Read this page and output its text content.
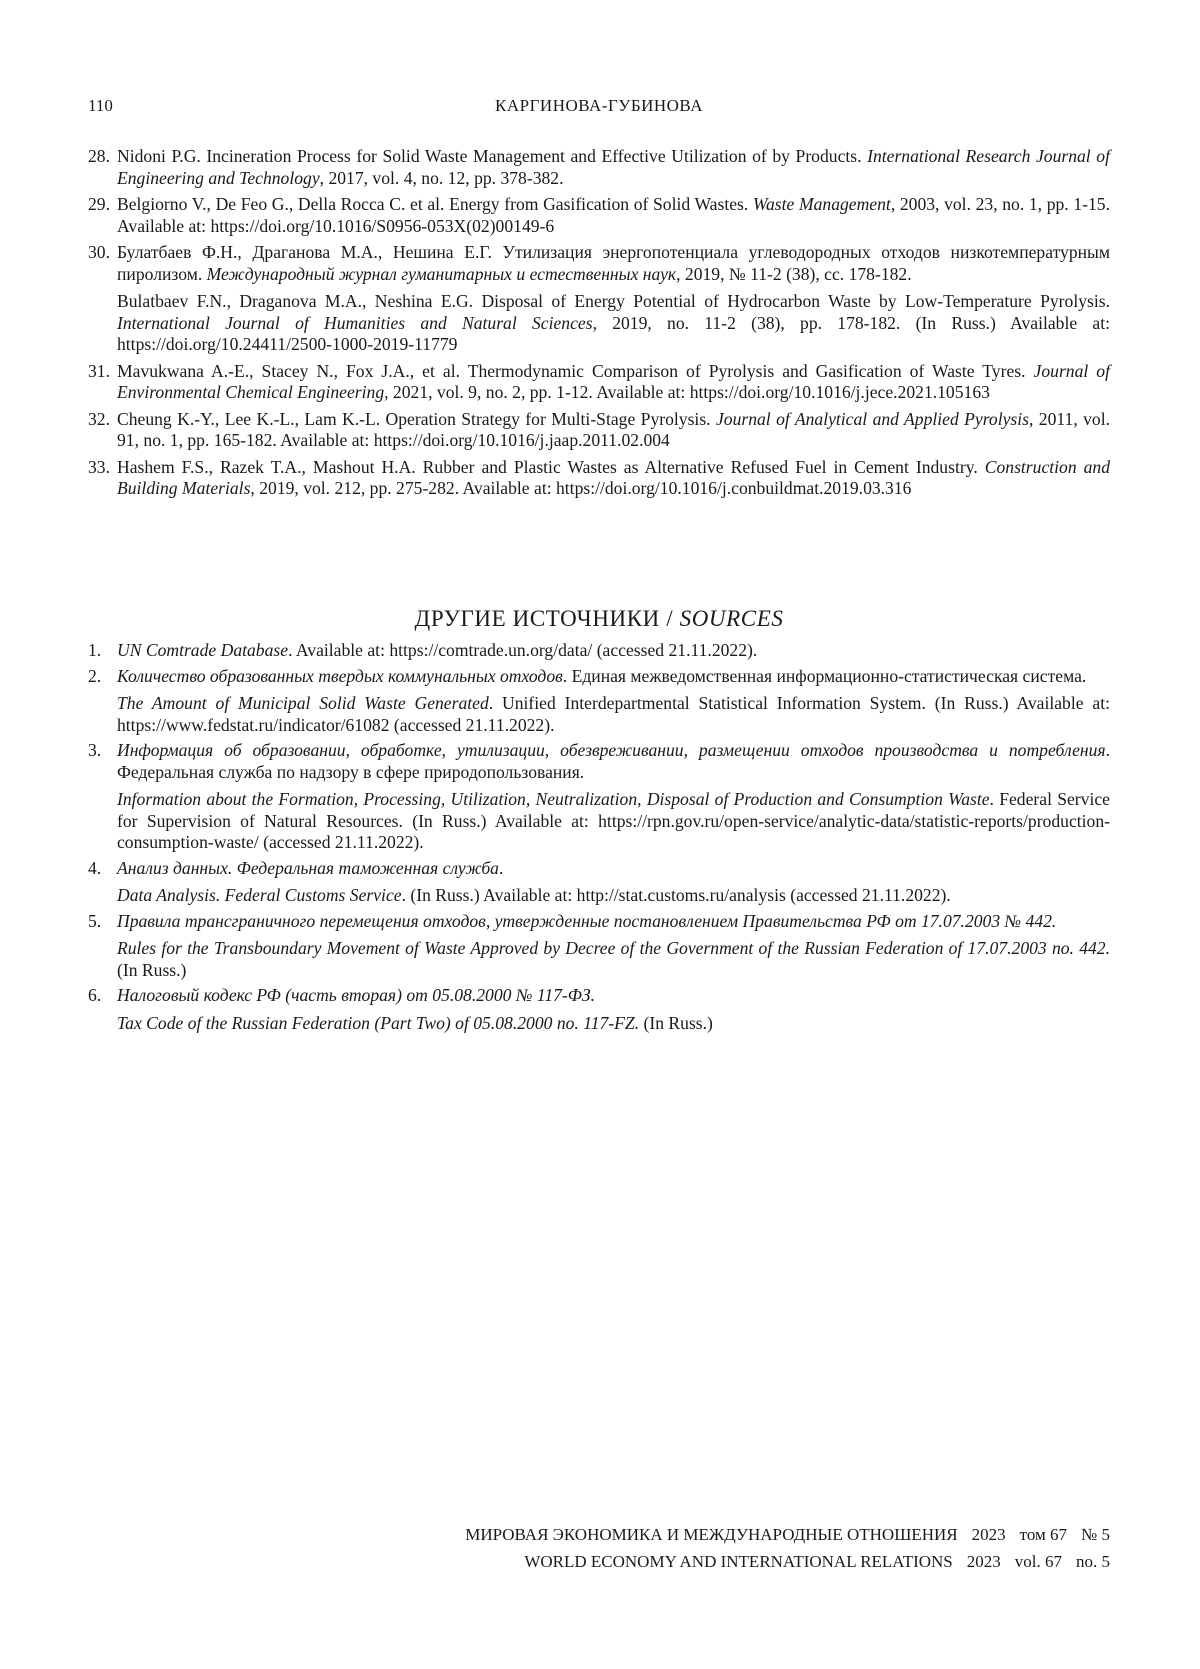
110	КАРГИНОВА-ГУБИНОВА
28. Nidoni P.G. Incineration Process for Solid Waste Management and Effective Utilization of by Products. International Research Journal of Engineering and Technology, 2017, vol. 4, no. 12, pp. 378-382.
29. Belgiorno V., De Feo G., Della Rocca C. et al. Energy from Gasification of Solid Wastes. Waste Management, 2003, vol. 23, no. 1, pp. 1-15. Available at: https://doi.org/10.1016/S0956-053X(02)00149-6
30. Булатбаев Ф.Н., Драганова М.А., Нешина Е.Г. Утилизация энергопотенциала углеводородных отходов низкотемпературным пиролизом. Международный журнал гуманитарных и естественных наук, 2019, № 11-2 (38), сс. 178-182.
Bulatbaev F.N., Draganova M.A., Neshina E.G. Disposal of Energy Potential of Hydrocarbon Waste by Low-Temperature Pyrolysis. International Journal of Humanities and Natural Sciences, 2019, no. 11-2 (38), pp. 178-182. (In Russ.) Available at: https://doi.org/10.24411/2500-1000-2019-11779
31. Mavukwana A.-E., Stacey N., Fox J.A., et al. Thermodynamic Comparison of Pyrolysis and Gasification of Waste Tyres. Journal of Environmental Chemical Engineering, 2021, vol. 9, no. 2, pp. 1-12. Available at: https://doi.org/10.1016/j.jece.2021.105163
32. Cheung K.-Y., Lee K.-L., Lam K.-L. Operation Strategy for Multi-Stage Pyrolysis. Journal of Analytical and Applied Pyrolysis, 2011, vol. 91, no. 1, pp. 165-182. Available at: https://doi.org/10.1016/j.jaap.2011.02.004
33. Hashem F.S., Razek T.A., Mashout H.A. Rubber and Plastic Wastes as Alternative Refused Fuel in Cement Industry. Construction and Building Materials, 2019, vol. 212, pp. 275-282. Available at: https://doi.org/10.1016/j.conbuildmat.2019.03.316
ДРУГИЕ ИСТОЧНИКИ / SOURCES
1. UN Comtrade Database. Available at: https://comtrade.un.org/data/ (accessed 21.11.2022).
2. Количество образованных твердых коммунальных отходов. Единая межведомственная информационно-статистическая система.
The Amount of Municipal Solid Waste Generated. Unified Interdepartmental Statistical Information System. (In Russ.) Available at: https://www.fedstat.ru/indicator/61082 (accessed 21.11.2022).
3. Информация об образовании, обработке, утилизации, обезвреживании, размещении отходов производства и потребления. Федеральная служба по надзору в сфере природопользования.
Information about the Formation, Processing, Utilization, Neutralization, Disposal of Production and Consumption Waste. Federal Service for Supervision of Natural Resources. (In Russ.) Available at: https://rpn.gov.ru/open-service/analytic-data/statistic-reports/production-consumption-waste/ (accessed 21.11.2022).
4. Анализ данных. Федеральная таможенная служба.
Data Analysis. Federal Customs Service. (In Russ.) Available at: http://stat.customs.ru/analysis (accessed 21.11.2022).
5. Правила трансграничного перемещения отходов, утвержденные постановлением Правительства РФ от 17.07.2003 № 442.
Rules for the Transboundary Movement of Waste Approved by Decree of the Government of the Russian Federation of 17.07.2003 no. 442. (In Russ.)
6. Налоговый кодекс РФ (часть вторая) от 05.08.2000 № 117-ФЗ.
Tax Code of the Russian Federation (Part Two) of 05.08.2000 no. 117-FZ. (In Russ.)
МИРОВАЯ ЭКОНОМИКА И МЕЖДУНАРОДНЫЕ ОТНОШЕНИЯ 2023 том 67 № 5
WORLD ECONOMY AND INTERNATIONAL RELATIONS 2023 vol. 67 no. 5
